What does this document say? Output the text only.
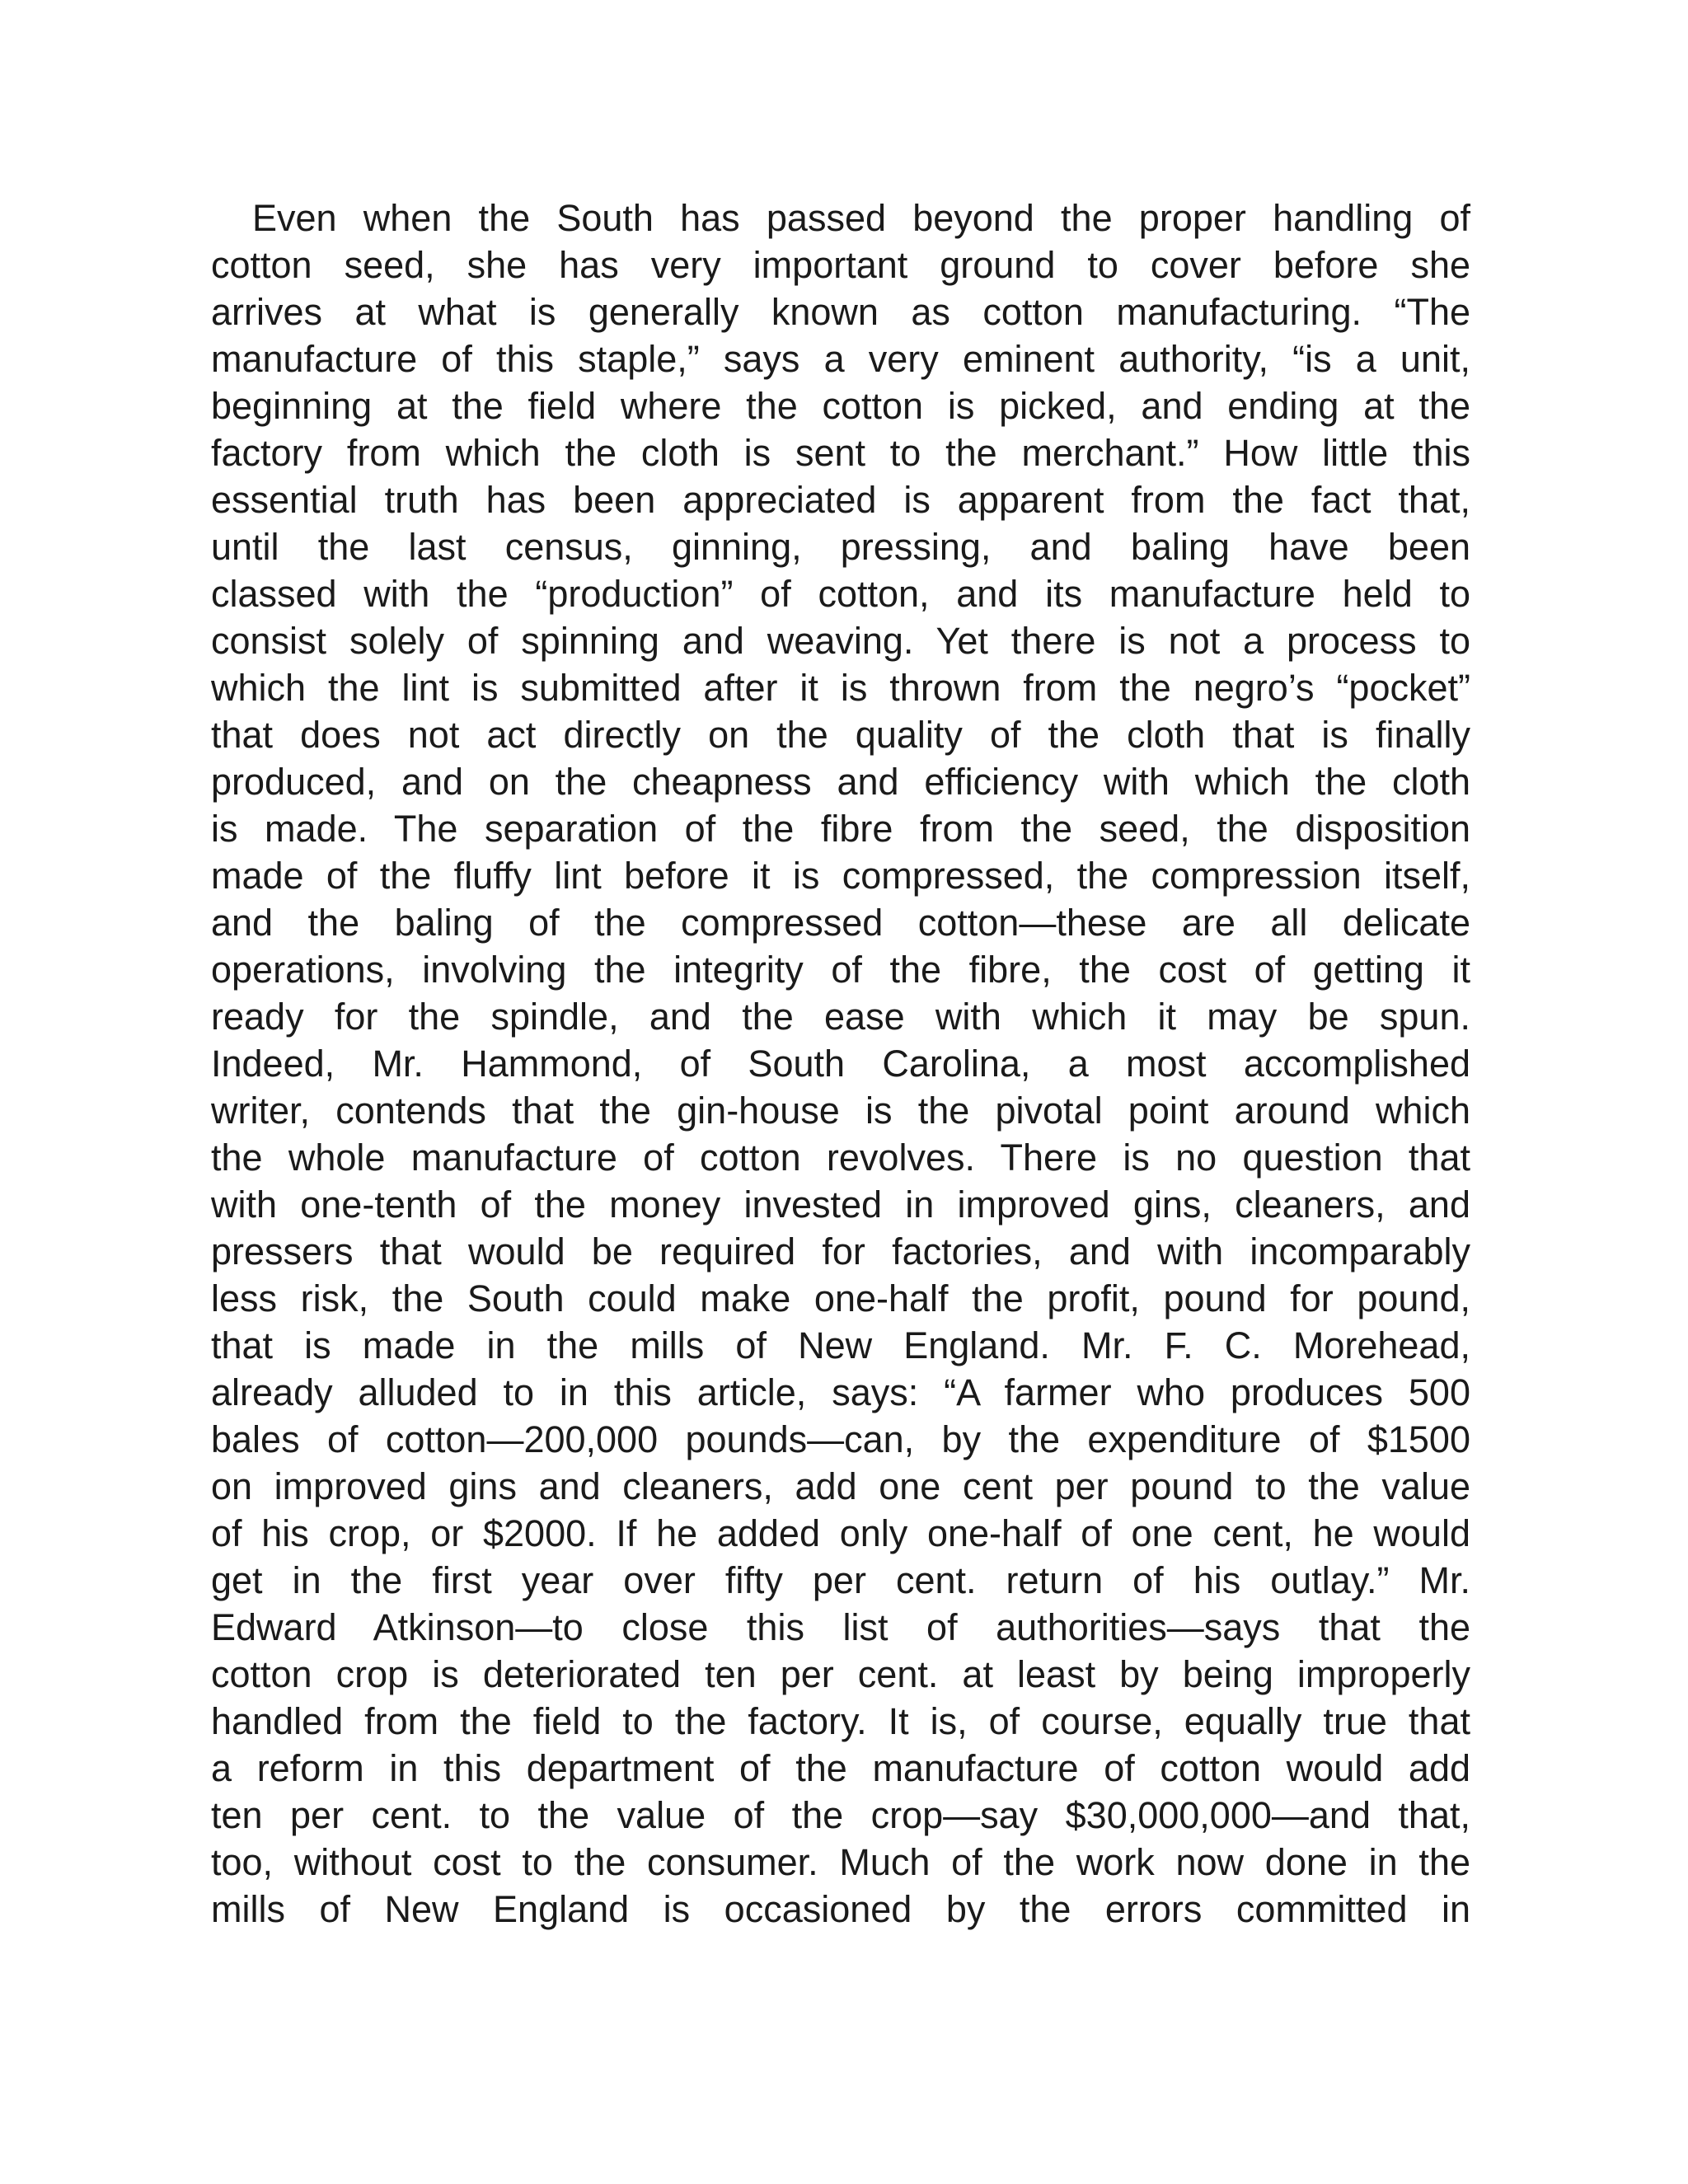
Even when the South has passed beyond the proper handling of
cotton seed, she has very important ground to cover before she
arrives at what is generally known as cotton manufacturing. “The
manufacture of this staple,” says a very eminent authority, “is a unit,
beginning at the field where the cotton is picked, and ending at the
factory from which the cloth is sent to the merchant.” How little this
essential truth has been appreciated is apparent from the fact that,
until the last census, ginning, pressing, and baling have been
classed with the “production” of cotton, and its manufacture held to
consist solely of spinning and weaving. Yet there is not a process to
which the lint is submitted after it is thrown from the negro’s “pocket”
that does not act directly on the quality of the cloth that is finally
produced, and on the cheapness and efficiency with which the cloth
is made. The separation of the fibre from the seed, the disposition
made of the fluffy lint before it is compressed, the compression itself,
and the baling of the compressed cotton—these are all delicate
operations, involving the integrity of the fibre, the cost of getting it
ready for the spindle, and the ease with which it may be spun.
Indeed, Mr. Hammond, of South Carolina, a most accomplished
writer, contends that the gin-house is the pivotal point around which
the whole manufacture of cotton revolves. There is no question that
with one-tenth of the money invested in improved gins, cleaners, and
pressers that would be required for factories, and with incomparably
less risk, the South could make one-half the profit, pound for pound,
that is made in the mills of New England. Mr. F. C. Morehead,
already alluded to in this article, says: “A farmer who produces 500
bales of cotton—200,000 pounds—can, by the expenditure of $1500
on improved gins and cleaners, add one cent per pound to the value
of his crop, or $2000. If he added only one-half of one cent, he would
get in the first year over fifty per cent. return of his outlay.” Mr.
Edward Atkinson—to close this list of authorities—says that the
cotton crop is deteriorated ten per cent. at least by being improperly
handled from the field to the factory. It is, of course, equally true that
a reform in this department of the manufacture of cotton would add
ten per cent. to the value of the crop—say $30,000,000—and that,
too, without cost to the consumer. Much of the work now done in the
mills of New England is occasioned by the errors committed in
